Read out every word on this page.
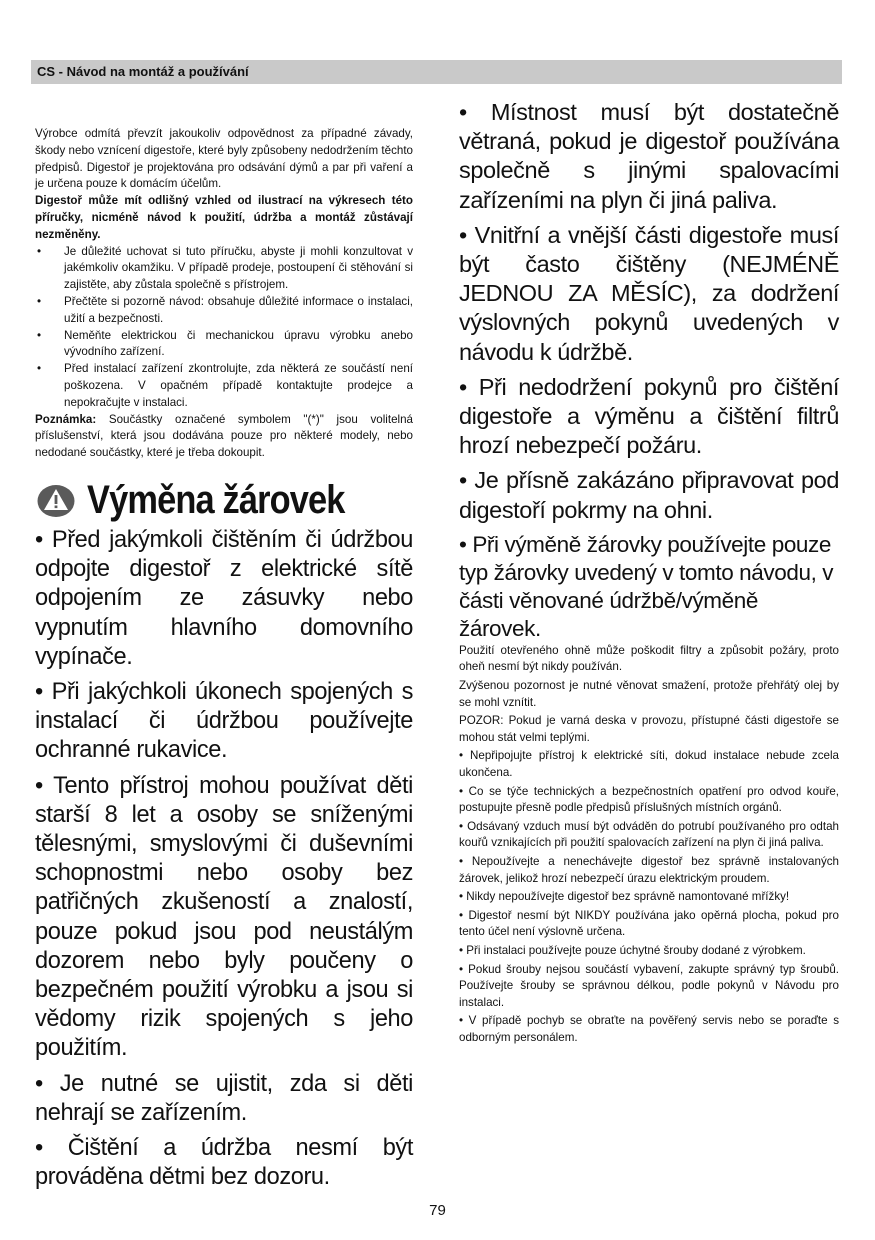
CS - Návod na montáž a používání

Výrobce odmítá převzít jakoukoliv odpovědnost za případné závady, škody nebo vznícení digestoře, které byly způsobeny nedodržením těchto předpisů. Digestoř je projektována pro odsávání dýmů a par při vaření a je určena pouze k domácím účelům.

Digestoř může mít odlišný vzhled od ilustrací na výkresech této příručky, nicméně návod k použití, údržba a montáž zůstávají nezměněny.

• Je důležité uchovat si tuto příručku, abyste ji mohli konzultovat v jakémkoliv okamžiku. V případě prodeje, postoupení či stěhování si zajistěte, aby zůstala společně s přístrojem.
• Přečtěte si pozorně návod: obsahuje důležité informace o instalaci, užití a bezpečnosti.
• Neměňte elektrickou či mechanickou úpravu výrobku anebo vývodního zařízení.
• Před instalací zařízení zkontrolujte, zda některá ze součástí není poškozena. V opačném případě kontaktujte prodejce a nepokračujte v instalaci.

Poznámka: Součástky označené symbolem "(*)" jsou volitelná příslušenství, která jsou dodávána pouze pro některé modely, nebo nedodané součástky, které je třeba dokoupit.

Výměna žárovek

• Před jakýmkoli čištěním či údržbou odpojte digestoř z elektrické sítě odpojením ze zásuvky nebo vypnutím hlavního domovního vypínače.

• Při jakýchkoli úkonech spojených s instalací či údržbou používejte ochranné rukavice.

• Tento přístroj mohou používat děti starší 8 let a osoby se sníženými tělesnými, smyslovými či duševními schopnostmi nebo osoby bez patřičných zkušeností a znalostí, pouze pokud jsou pod neustálým dozorem nebo byly poučeny o bezpečném použití výrobku a jsou si vědomy rizik spojených s jeho použitím.

• Je nutné se ujistit, zda si děti nehrají se zařízením.

• Čištění a údržba nesmí být prováděna dětmi bez dozoru.

• Místnost musí být dostatečně větraná, pokud je digestoř používána společně s jinými spalovacími zařízeními na plyn či jiná paliva.

• Vnitřní a vnější části digestoře musí být často čištěny (NEJMÉNĚ JEDNOU ZA MĚSÍC), za dodržení výslovných pokynů uvedených v návodu k údržbě.

• Při nedodržení pokynů pro čištění digestoře a výměnu a čištění filtrů hrozí nebezpečí požáru.

• Je přísně zakázáno připravovat pod digestoří pokrmy na ohni.

• Při výměně žárovky používejte pouze
typ žárovky uvedený v tomto návodu, v
části věnované údržbě/výměně žárovek.

Použití otevřeného ohně může poškodit filtry a způsobit požáry, proto oheň nesmí být nikdy používán.

Zvýšenou pozornost je nutné věnovat smažení, protože přehřátý olej by se mohl vznítit.

POZOR: Pokud je varná deska v provozu, přístupné části digestoře se mohou stát velmi teplými.

• Nepřipojujte přístroj k elektrické síti, dokud instalace nebude zcela ukončena.

• Co se týče technických a bezpečnostních opatření pro odvod kouře, postupujte přesně podle předpisů příslušných místních orgánů.

• Odsávaný vzduch musí být odváděn do potrubí používaného pro odtah kouřů vznikajících při použití spalovacích zařízení na plyn či jiná paliva.

• Nepoužívejte a nenechávejte digestoř bez správně instalovaných žárovek, jelikož hrozí nebezpečí úrazu elektrickým proudem.

• Nikdy nepoužívejte digestoř bez správně namontované mřížky!

• Digestoř nesmí být NIKDY používána jako opěrná plocha, pokud pro tento účel není výslovně určena.

• Při instalaci používejte pouze úchytné šrouby dodané z výrobkem.

• Pokud šrouby nejsou součástí vybavení, zakupte správný typ šroubů. Používejte šrouby se správnou délkou, podle pokynů v Návodu pro instalaci.

• V případě pochyb se obraťte na pověřený servis nebo se poraďte s odborným personálem.

79
